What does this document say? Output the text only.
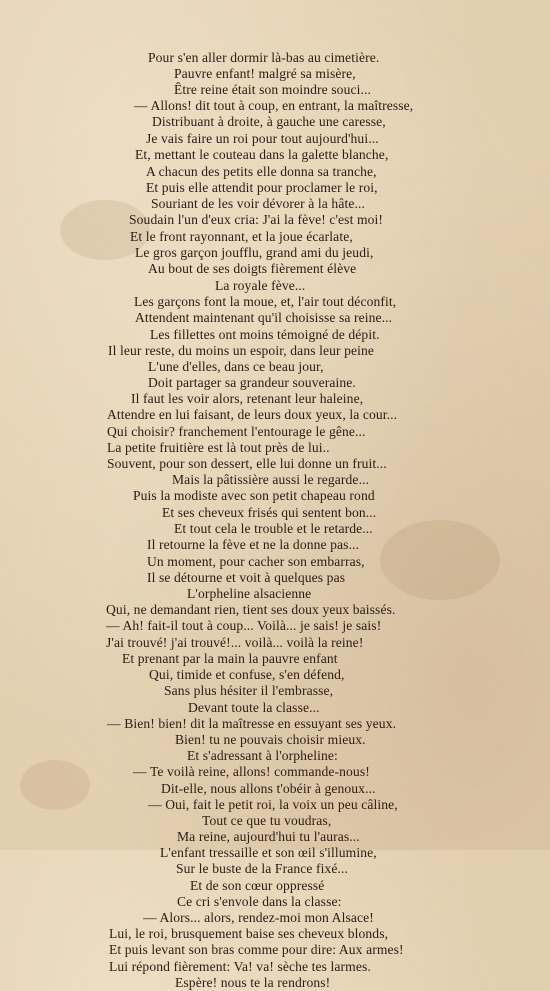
Pour s'en aller dormir là-bas au cimetière.
Pauvre enfant! malgré sa misère,
Être reine était son moindre souci...
— Allons! dit tout à coup, en entrant, la maîtresse,
Distribuant à droite, à gauche une caresse,
Je vais faire un roi pour tout aujourd'hui...
Et, mettant le couteau dans la galette blanche,
A chacun des petits elle donna sa tranche,
Et puis elle attendit pour proclamer le roi,
Souriant de les voir dévorer à la hâte...
Soudain l'un d'eux cria: J'ai la fève! c'est moi!
Et le front rayonnant, et la joue écarlate,
Le gros garçon joufflu, grand ami du jeudi,
Au bout de ses doigts fièrement élève
La royale fève...
Les garçons font la moue, et, l'air tout déconfit,
Attendent maintenant qu'il choisisse sa reine...
Les fillettes ont moins témoigné de dépit.
Il leur reste, du moins un espoir, dans leur peine
L'une d'elles, dans ce beau jour,
Doit partager sa grandeur souveraine.
Il faut les voir alors, retenant leur haleine,
Attendre en lui faisant, de leurs doux yeux, la cour...
Qui choisir? franchement l'entourage le gêne...
La petite fruitière est là tout près de lui..
Souvent, pour son dessert, elle lui donne un fruit...
Mais la pâtissière aussi le regarde...
Puis la modiste avec son petit chapeau rond
Et ses cheveux frisés qui sentent bon...
Et tout cela le trouble et le retarde...
Il retourne la fève et ne la donne pas...
Un moment, pour cacher son embarras,
Il se détourne et voit à quelques pas
L'orpheline alsacienne
Qui, ne demandant rien, tient ses doux yeux baissés.
— Ah! fait-il tout à coup... Voilà... je sais! je sais!
J'ai trouvé! j'ai trouvé!... voilà... voilà la reine!
Et prenant par la main la pauvre enfant
Qui, timide et confuse, s'en défend,
Sans plus hésiter il l'embrasse,
Devant toute la classe...
— Bien! bien! dit la maîtresse en essuyant ses yeux.
Bien! tu ne pouvais choisir mieux.
Et s'adressant à l'orpheline:
— Te voilà reine, allons! commande-nous!
Dit-elle, nous allons t'obéir à genoux...
— Oui, fait le petit roi, la voix un peu câline,
Tout ce que tu voudras,
Ma reine, aujourd'hui tu l'auras...
L'enfant tressaille et son œil s'illumine,
Sur le buste de la France fixé...
Et de son cœur oppressé
Ce cri s'envole dans la classe:
— Alors... alors, rendez-moi mon Alsace!
Lui, le roi, brusquement baise ses cheveux blonds,
Et puis levant son bras comme pour dire: Aux armes!
Lui répond fièrement: Va! va! sèche tes larmes.
Espère! nous te la rendrons!
